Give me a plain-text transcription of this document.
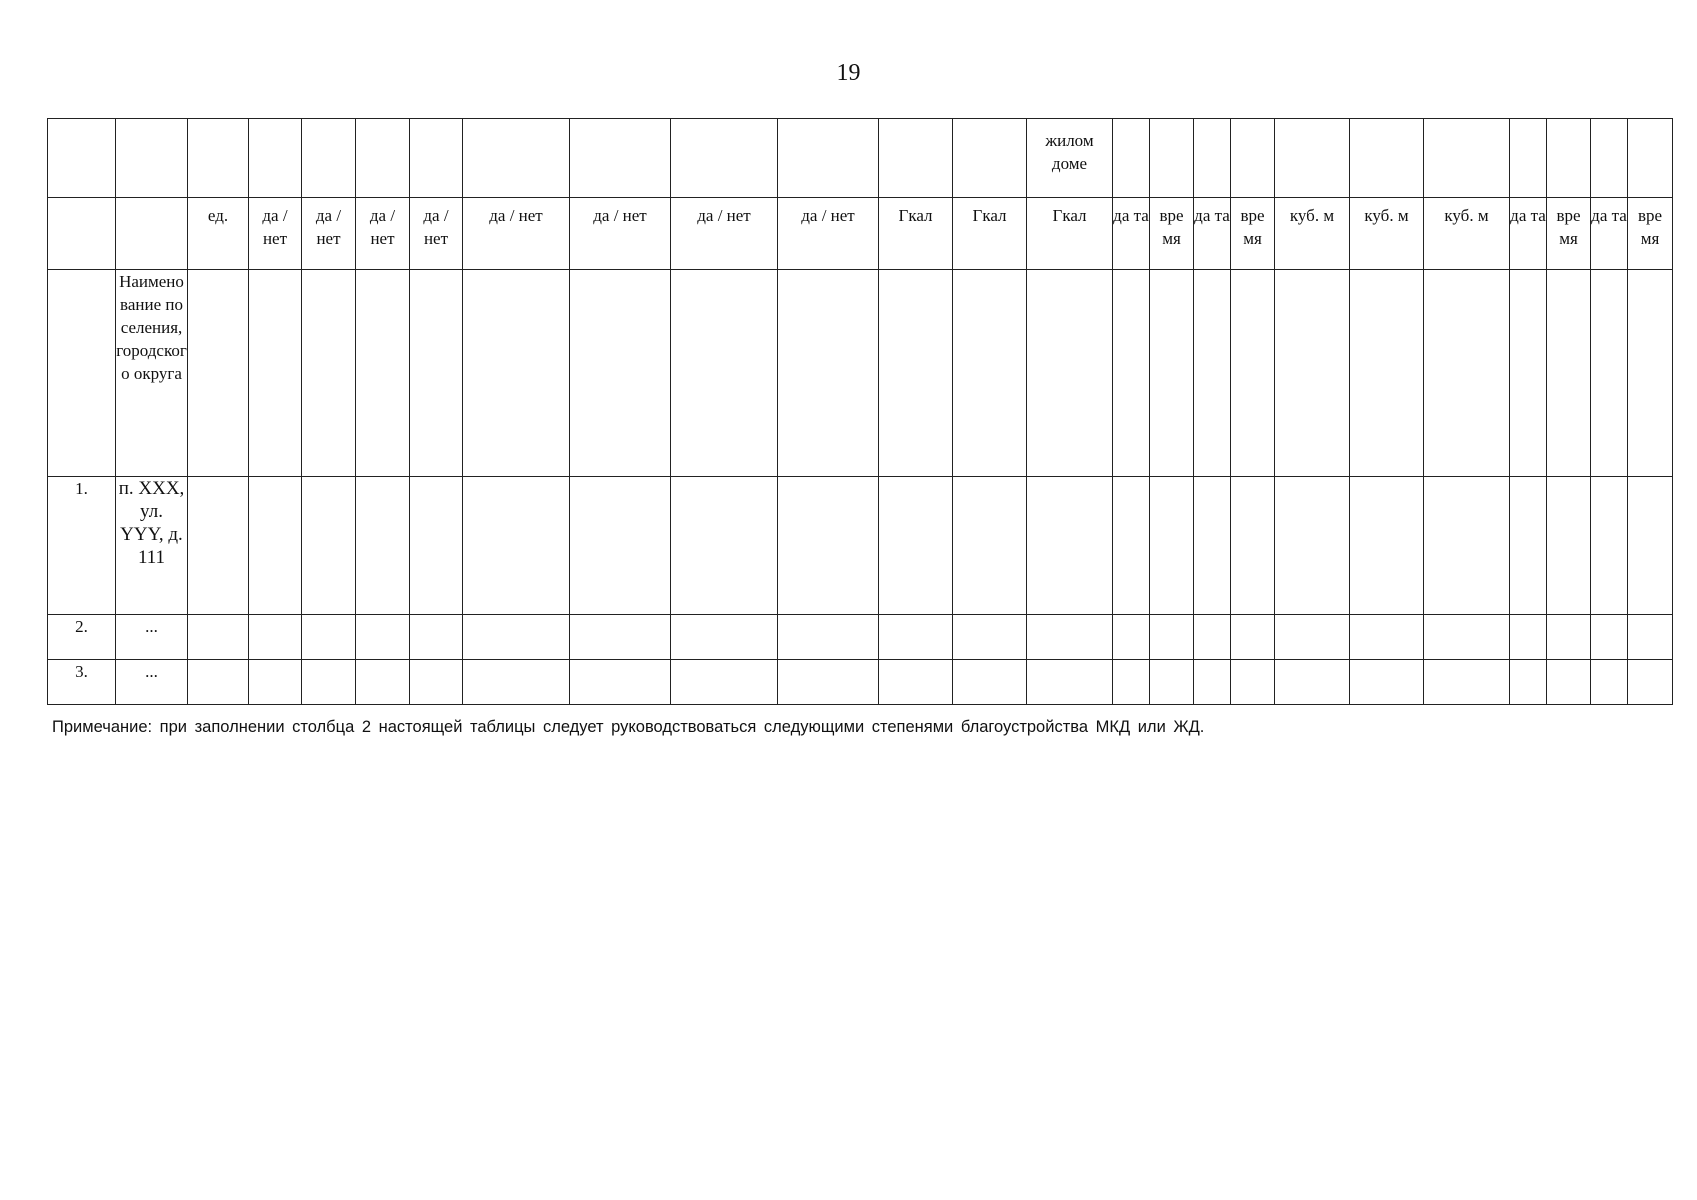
19
													жилом доме											
		ед.	да / нет	да / нет	да / нет	да / нет	да / нет	да / нет	да / нет	да / нет	Гкал	Гкал	Гкал	да та	вре мя	да та	вре мя	куб. м	куб. м	куб. м	да та	вре мя	да та	вре мя
	Наименование поселения, городского округа																							
1.	п. XXX, ул. YYY, д. 111																							
2.	...																							
3.	...																							
Примечание: при заполнении столбца 2 настоящей таблицы следует руководствоваться следующими степенями благоустройства МКД или ЖД.
